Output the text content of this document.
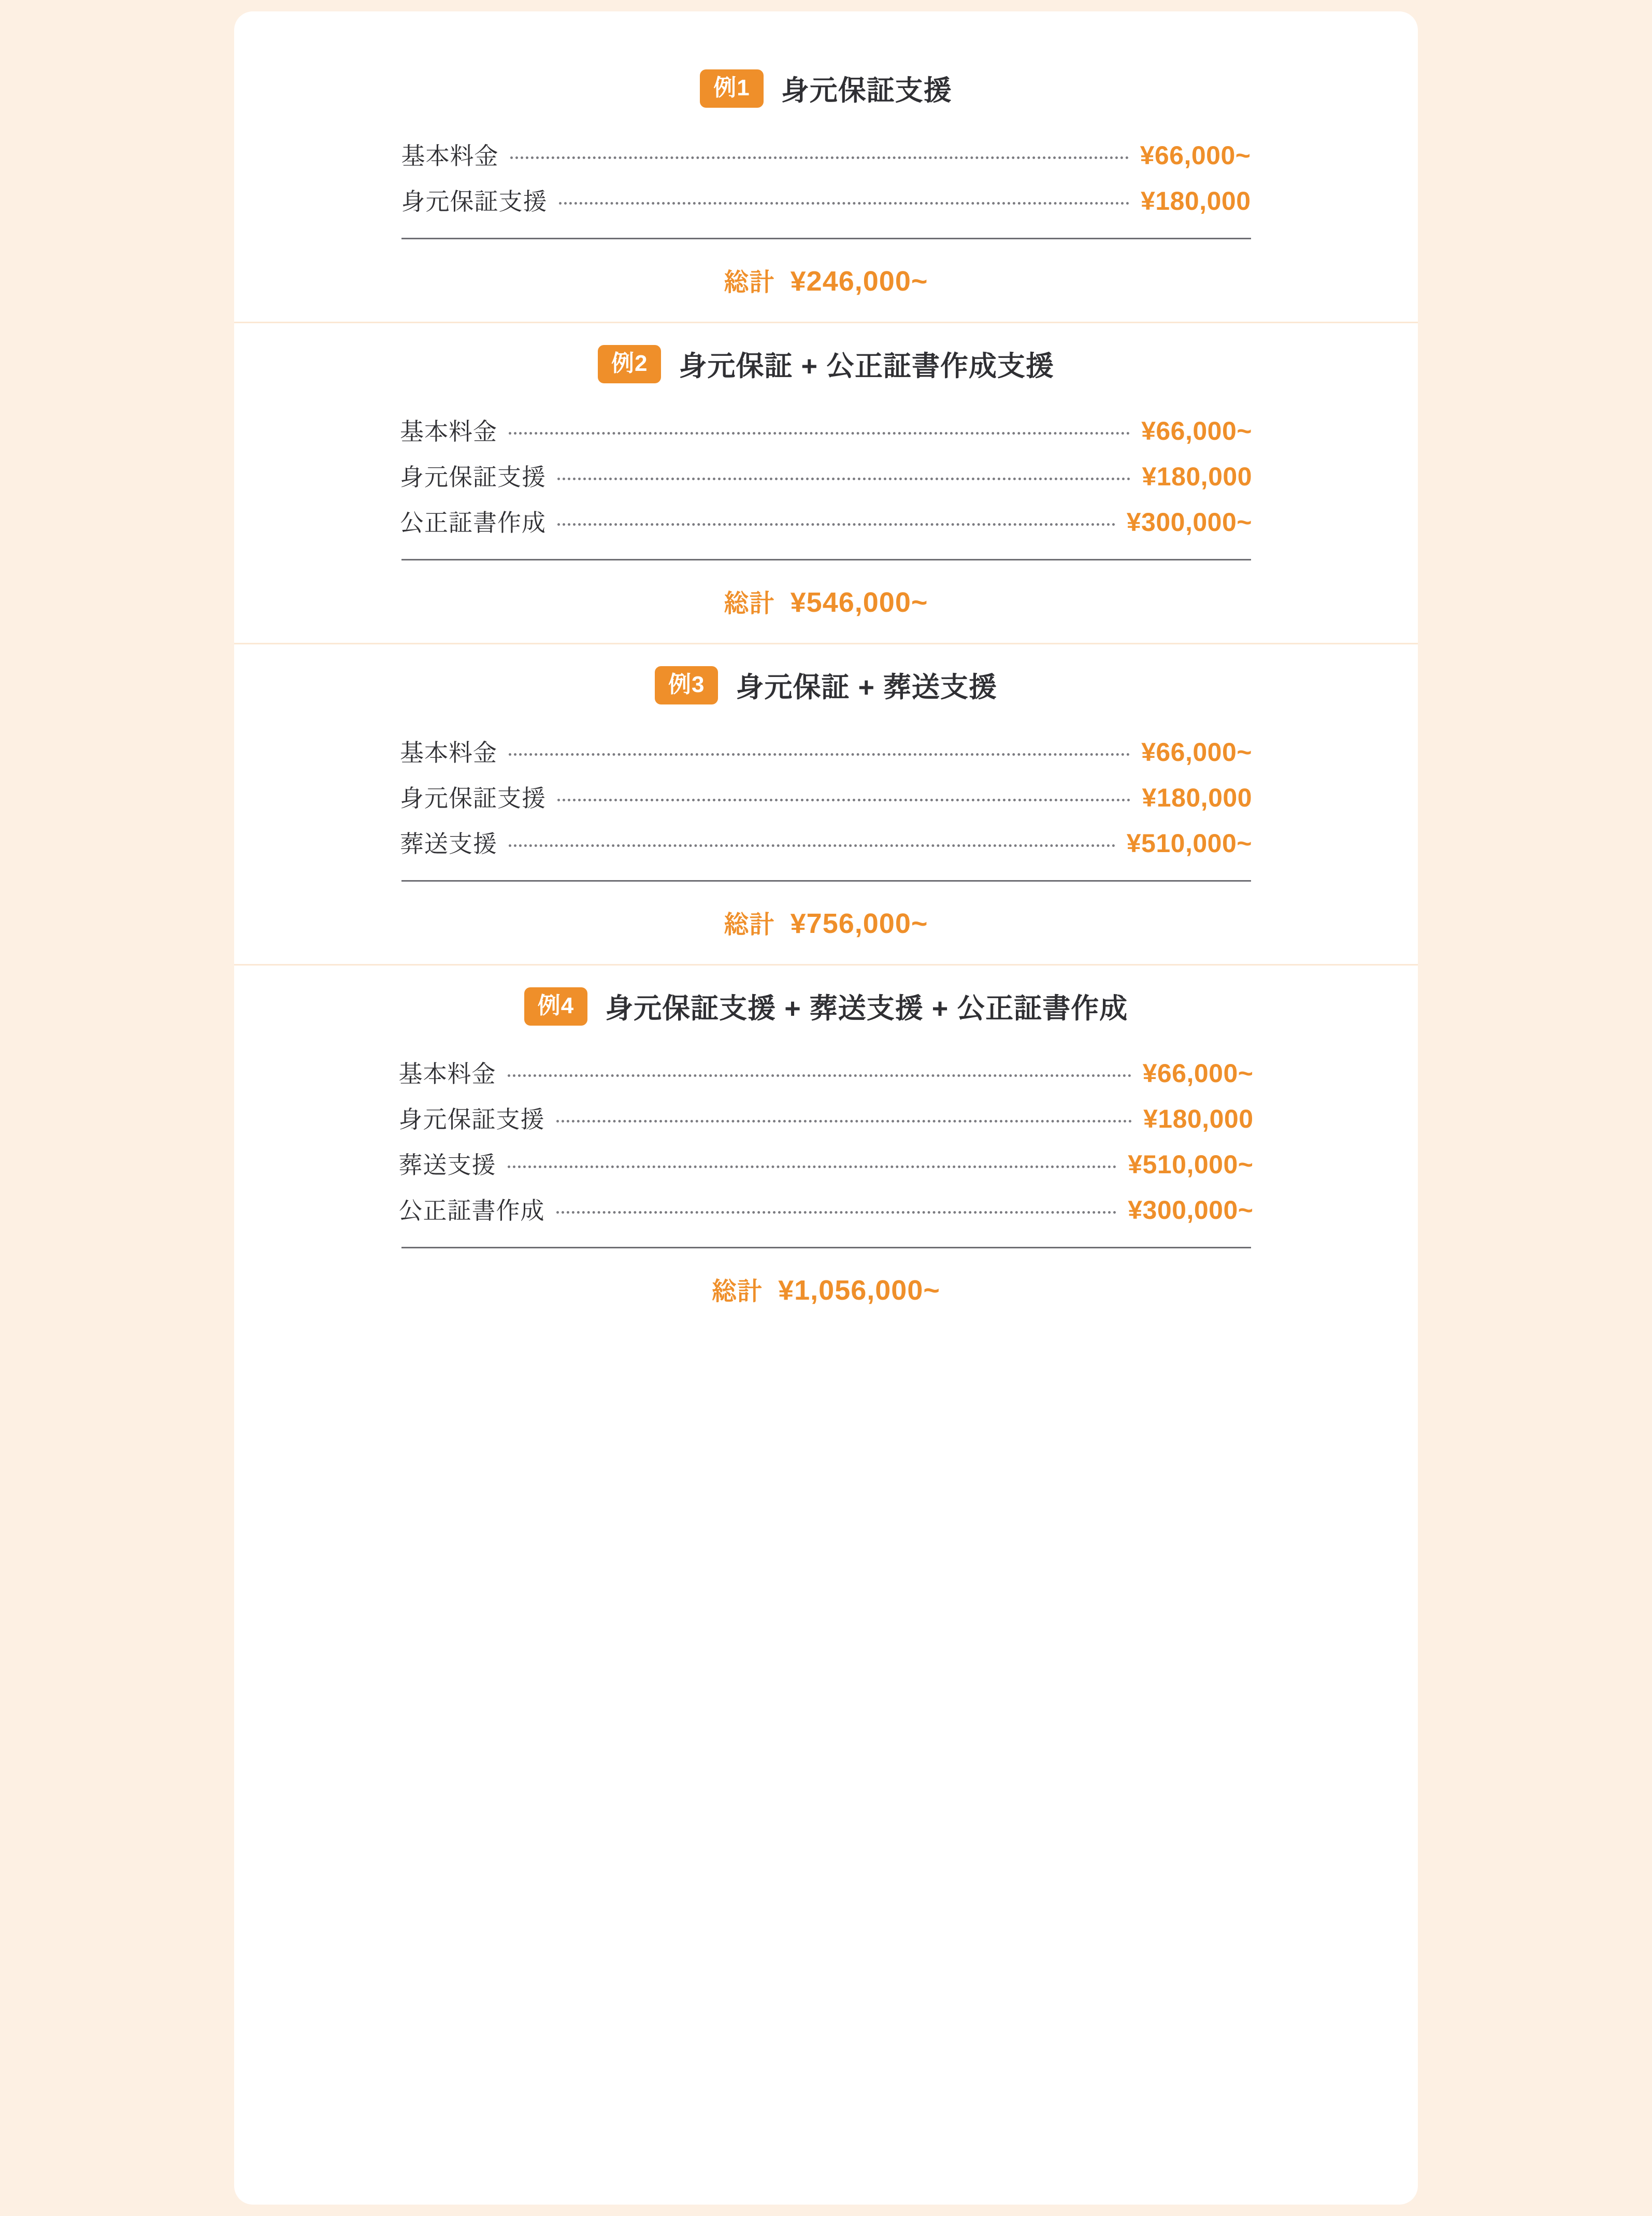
例1	身元保証支援
基本料金	¥66,000~
身元保証支援	¥180,000
総計 ¥246,000~
例2	身元保証 + 公正証書作成支援
基本料金	¥66,000~
身元保証支援	¥180,000
公正証書作成	¥300,000~
総計 ¥546,000~
例3	身元保証 + 葬送支援
基本料金	¥66,000~
身元保証支援	¥180,000
葬送支援	¥510,000~
総計 ¥756,000~
例4	身元保証支援 + 葬送支援 + 公正証書作成
基本料金	¥66,000~
身元保証支援	¥180,000
葬送支援	¥510,000~
公正証書作成	¥300,000~
総計 ¥1,056,000~
